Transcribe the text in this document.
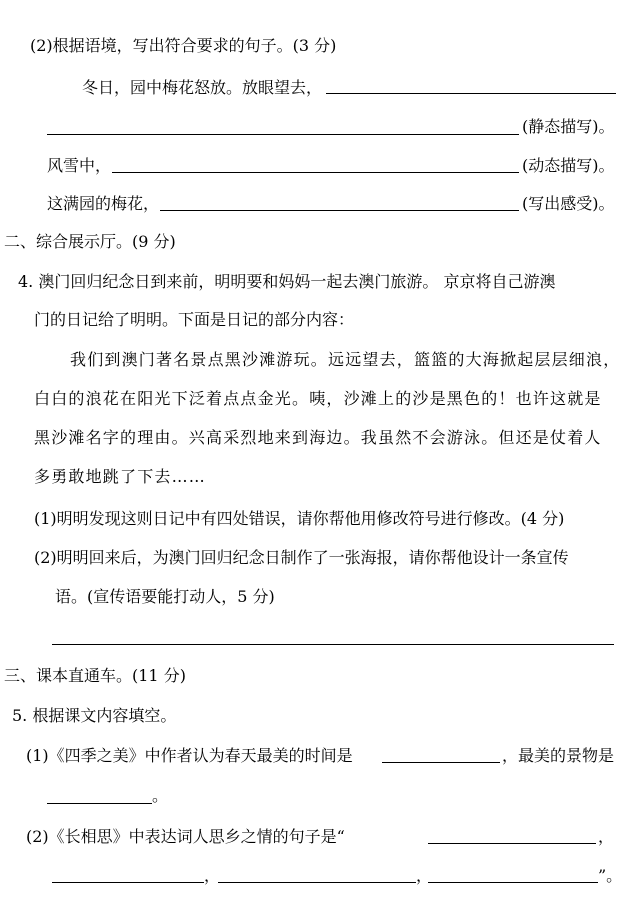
(2)根据语境，写出符合要求的句子。(3 分)
冬日，园中梅花怒放。放眼望去，
(静态描写)。
风雪中，	(动态描写)。
这满园的梅花，	(写出感受)。
二、综合展示厅。(9 分)
4. 澳门回归纪念日到来前，明明要和妈妈一起去澳门旅游。 京京将自己游澳
门的日记给了明明。下面是日记的部分内容：
我们到澳门著名景点黑沙滩游玩。远远望去，篮篮的大海掀起层层细浪，
白白的浪花在阳光下泛着点点金光。咦，沙滩上的沙是黑色的！也许这就是
黑沙滩名字的理由。兴高采烈地来到海边。我虽然不会游泳。但还是仗着人
多勇敢地跳了下去……
(1)明明发现这则日记中有四处错误，请你帮他用修改符号进行修改。(4 分)
(2)明明回来后，为澳门回归纪念日制作了一张海报，请你帮他设计一条宣传
语。(宣传语要能打动人，5 分)
三、课本直通车。(11 分)
5. 根据课文内容填空。
(1)《四季之美》中作者认为春天最美的时间是	，最美的景物是
。
(2)《长相思》中表达词人思乡之情的句子是“	，
，	，	”。
